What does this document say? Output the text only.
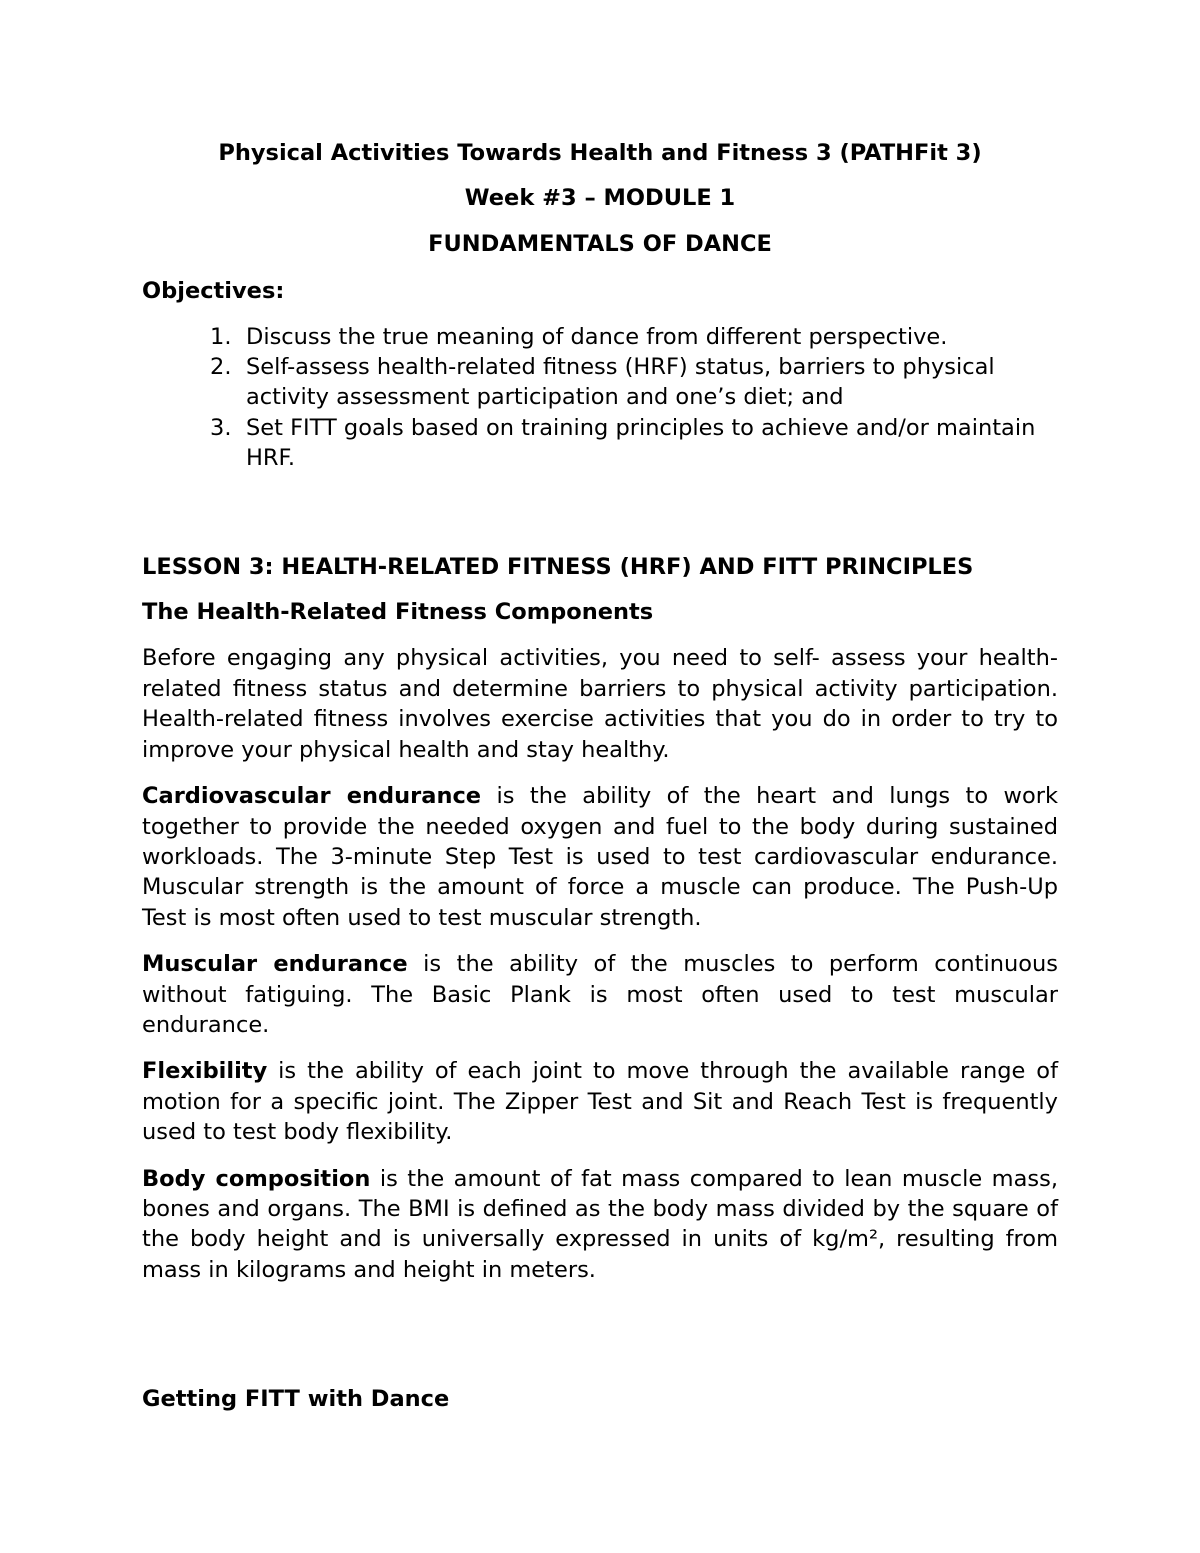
Physical Activities Towards Health and Fitness 3 (PATHFit 3)
Week #3 – MODULE 1
FUNDAMENTALS OF DANCE
Objectives:
1. Discuss the true meaning of dance from different perspective.
2. Self-assess health-related fitness (HRF) status, barriers to physical activity assessment participation and one’s diet; and
3. Set FITT goals based on training principles to achieve and/or maintain HRF.
LESSON 3: HEALTH-RELATED FITNESS (HRF) AND FITT PRINCIPLES
The Health-Related Fitness Components

Before engaging any physical activities, you need to self- assess your health-related fitness status and determine barriers to physical activity participation. Health-related fitness involves exercise activities that you do in order to try to improve your physical health and stay healthy.

Cardiovascular endurance is the ability of the heart and lungs to work together to provide the needed oxygen and fuel to the body during sustained workloads. The 3-minute Step Test is used to test cardiovascular endurance. Muscular strength is the amount of force a muscle can produce. The Push-Up Test is most often used to test muscular strength.

Muscular endurance is the ability of the muscles to perform continuous without fatiguing. The Basic Plank is most often used to test muscular endurance.

Flexibility is the ability of each joint to move through the available range of motion for a specific joint. The Zipper Test and Sit and Reach Test is frequently used to test body flexibility.

Body composition is the amount of fat mass compared to lean muscle mass, bones and organs. The BMI is defined as the body mass divided by the square of the body height and is universally expressed in units of kg/m², resulting from mass in kilograms and height in meters.

Getting FITT with Dance
